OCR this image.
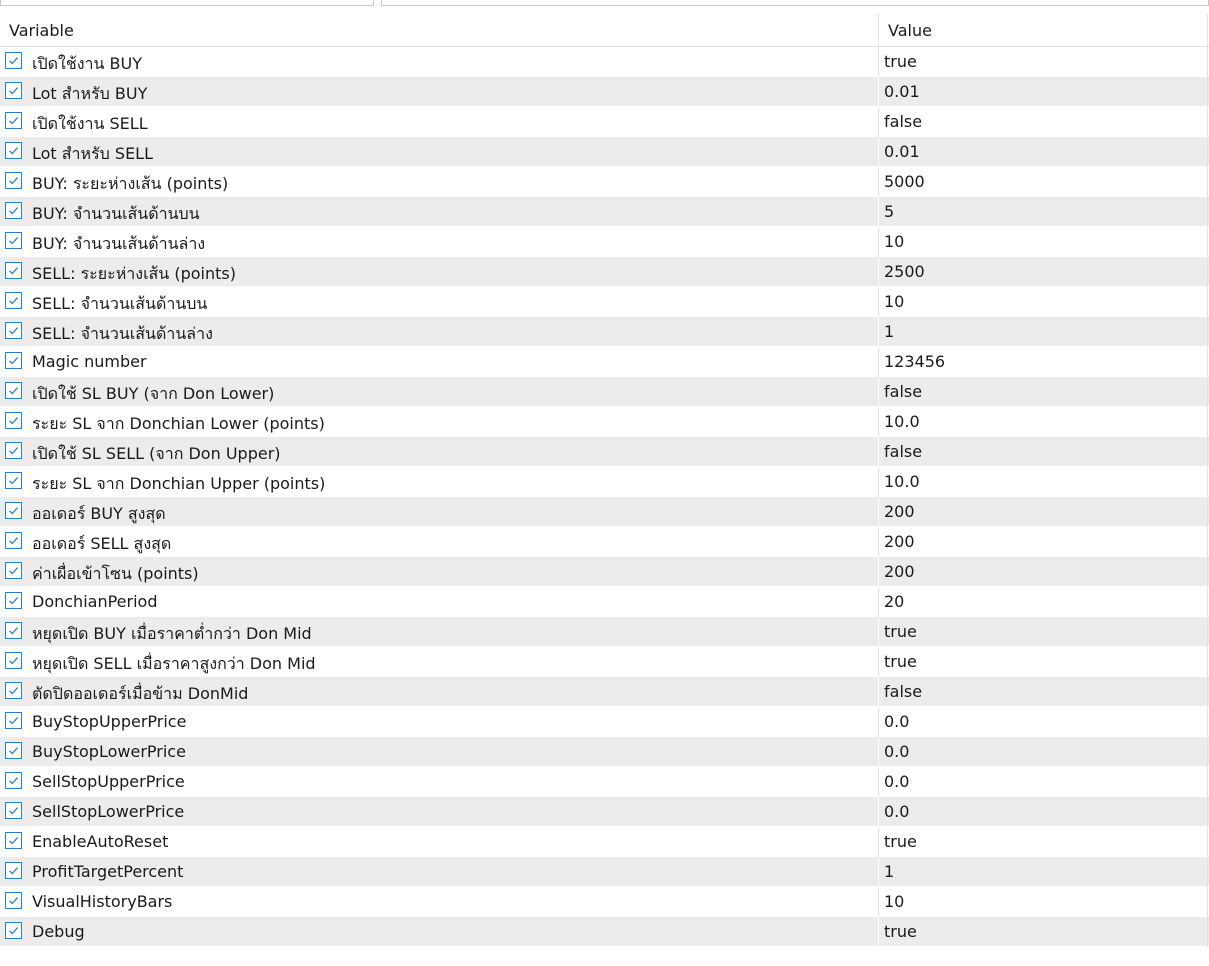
Variable	Value
เปิดใช้งาน BUY	true
Lot สำหรับ BUY	0.01
เปิดใช้งาน SELL	false
Lot สำหรับ SELL	0.01
BUY: ระยะห่างเส้น (points)	5000
BUY: จำนวนเส้นด้านบน	5
BUY: จำนวนเส้นด้านล่าง	10
SELL: ระยะห่างเส้น (points)	2500
SELL: จำนวนเส้นด้านบน	10
SELL: จำนวนเส้นด้านล่าง	1
Magic number	123456
เปิดใช้ SL BUY (จาก Don Lower)	false
ระยะ SL จาก Donchian Lower (points)	10.0
เปิดใช้ SL SELL (จาก Don Upper)	false
ระยะ SL จาก Donchian Upper (points)	10.0
ออเดอร์ BUY สูงสุด	200
ออเดอร์ SELL สูงสุด	200
ค่าเผื่อเข้าโซน (points)	200
DonchianPeriod	20
หยุดเปิด BUY เมื่อราคาต่ำกว่า Don Mid	true
หยุดเปิด SELL เมื่อราคาสูงกว่า Don Mid	true
ตัดปิดออเดอร์เมื่อข้าม DonMid	false
BuyStopUpperPrice	0.0
BuyStopLowerPrice	0.0
SellStopUpperPrice	0.0
SellStopLowerPrice	0.0
EnableAutoReset	true
ProfitTargetPercent	1
VisualHistoryBars	10
Debug	true
